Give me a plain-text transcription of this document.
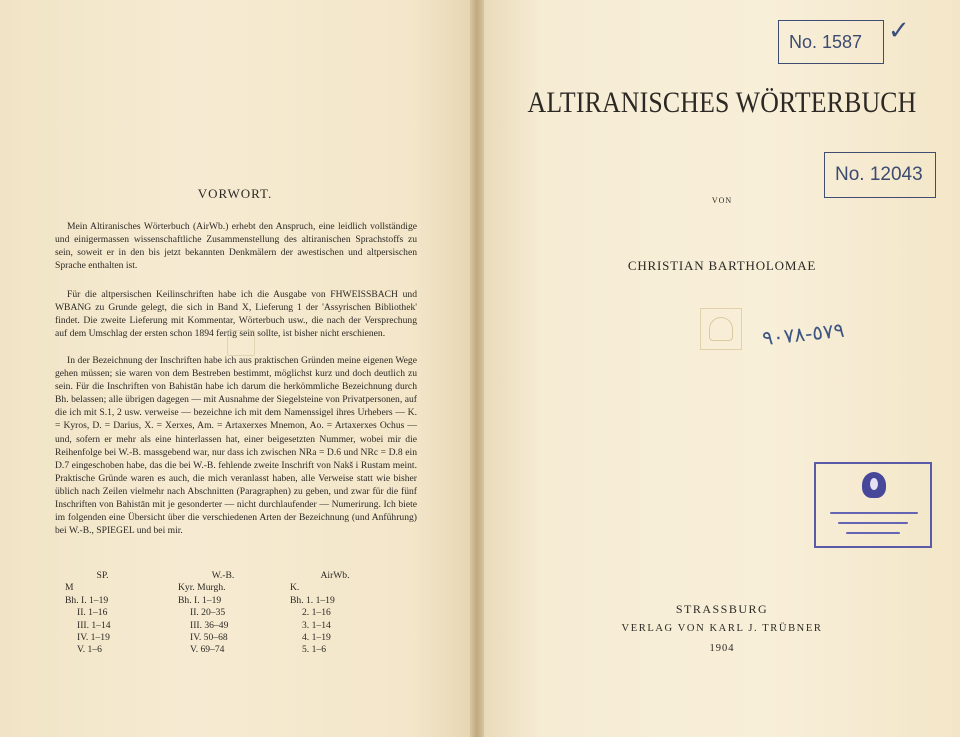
VORWORT.

Mein Altiranisches Wörterbuch (AirWb.) erhebt den Anspruch, eine leidlich vollständige und einigermassen wissenschaftliche Zusammenstellung des altiranischen Sprachstoffs zu sein, soweit er in den bis jetzt bekannten Denkmälern der awestischen und altpersischen Sprache enthalten ist.

Für die altpersischen Keilinschriften habe ich die Ausgabe von FHWEISSBACH und WBANG zu Grunde gelegt, die sich in Band X, Lieferung 1 der 'Assyrischen Bibliothek' findet. Die zweite Lieferung mit Kommentar, Wörterbuch usw., die nach der Versprechung auf dem Umschlag der ersten schon 1894 fertig sein sollte, ist bisher nicht erschienen.

In der Bezeichnung der Inschriften habe ich aus praktischen Gründen meine eigenen Wege gehen müssen; sie waren von dem Bestreben bestimmt, möglichst kurz und doch deutlich zu sein. Für die Inschriften von Bahistān habe ich darum die herkömmliche Bezeichnung durch Bh. belassen; alle übrigen dagegen — mit Ausnahme der Siegelsteine von Privatpersonen, auf die ich mit S.1, 2 usw. verweise — bezeichne ich mit dem Namenssigel ihres Urhebers — K. = Kyros, D. = Darius, X. = Xerxes, Am. = Artaxerxes Mnemon, Ao. = Artaxerxes Ochus — und, sofern er mehr als eine hinterlassen hat, einer beigesetzten Nummer, wobei mir die Reihenfolge bei W.-B. massgebend war, nur dass ich zwischen NRa = D.6 und NRc = D.8 ein D.7 eingeschoben habe, das die bei W.-B. fehlende zweite Inschrift von Nakš i Rustam meint. Praktische Gründe waren es auch, die mich veranlasst haben, alle Verweise statt wie bisher üblich nach Zeilen vielmehr nach Abschnitten (Paragraphen) zu geben, und zwar für die fünf Inschriften von Bahistān mit je gesonderter — nicht durchlaufender — Numerirung. Ich biete im folgenden eine Übersicht über die verschiedenen Arten der Bezeichnung (und Anführung) bei W.-B., SPIEGEL und bei mir.

SP.
M
Bh. I. 1–19
II. 1–16
III. 1–14
IV. 1–19
V. 1–6
W.-B.
Kyr. Murgh.
Bh. I. 1–19
II. 20–35
III. 36–49
IV. 50–68
V. 69–74
AirWb.
K.
Bh. 1. 1–19
2. 1–16
3. 1–14
4. 1–19
5. 1–6
No. 1587 ✓
ALTIRANISCHES WÖRTERBUCH
No. 12043
VON
CHRISTIAN BARTHOLOMAE
٥٧٩-٩٠٧٨
STRASSBURG
VERLAG VON KARL J. TRÜBNER
1904
